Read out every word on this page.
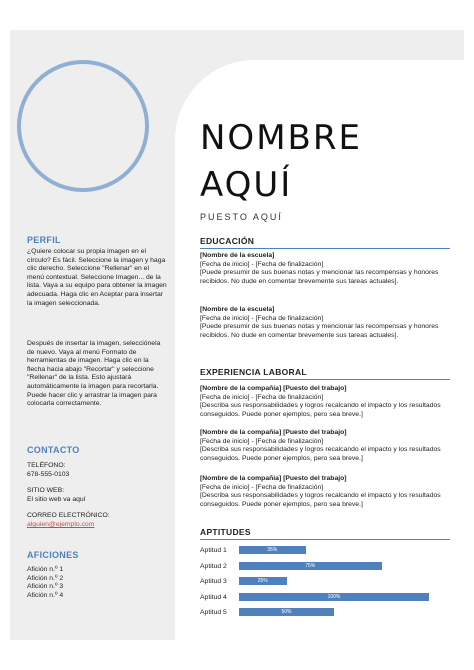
PERFIL
¿Quiere colocar su propia imagen en el círculo? Es fácil. Seleccione la imagen y haga clic derecho. Seleccione "Rellenar" en el menú contextual. Seleccione Imagen... de la lista. Vaya a su equipo para obtener la imagen adecuada. Haga clic en Aceptar para insertar la imagen seleccionada.
Después de insertar la imagen, selecciónela de nuevo. Vaya al menú Formato de herramientas de imagen. Haga clic en la flecha hacia abajo "Recortar" y seleccione "Rellenar" de la lista. Esto ajustará automáticamente la imagen para recortarla. Puede hacer clic y arrastrar la imagen para colocarla correctamente.
CONTACTO
TELÉFONO:
678-555-0103
SITIO WEB:
El sitio web va aquí
CORREO ELECTRÓNICO:
alguien@ejemplo.com
AFICIONES
Afición n.º 1
Afición n.º 2
Afición n.º 3
Afición n.º 4
NOMBRE
AQUÍ
PUESTO AQUÍ
EDUCACIÓN
[Nombre de la escuela]
[Fecha de inicio] - [Fecha de finalización]
[Puede presumir de sus buenas notas y mencionar las recompensas y honores recibidos. No dude en comentar brevemente sus tareas actuales].
[Nombre de la escuela]
[Fecha de inicio] - [Fecha de finalización]
[Puede presumir de sus buenas notas y mencionar las recompensas y honores recibidos. No dude en comentar brevemente sus tareas actuales].
EXPERIENCIA LABORAL
[Nombre de la compañía] [Puesto del trabajo]
[Fecha de inicio] - [Fecha de finalización]
[Describa sus responsabilidades y logros recalcando el impacto y los resultados conseguidos. Puede poner ejemplos, pero sea breve.]
[Nombre de la compañía] [Puesto del trabajo]
[Fecha de inicio] - [Fecha de finalización]
[Describa sus responsabilidades y logros recalcando el impacto y los resultados conseguidos. Puede poner ejemplos, pero sea breve.]
[Nombre de la compañía] [Puesto del trabajo]
[Fecha de inicio] - [Fecha de finalización]
[Describa sus responsabilidades y logros recalcando el impacto y los resultados conseguidos. Puede poner ejemplos, pero sea breve.]
APTITUDES
Aptitud 1	35%
Aptitud 2	75%
Aptitud 3	25%
Aptitud 4	100%
Aptitud 5	50%
